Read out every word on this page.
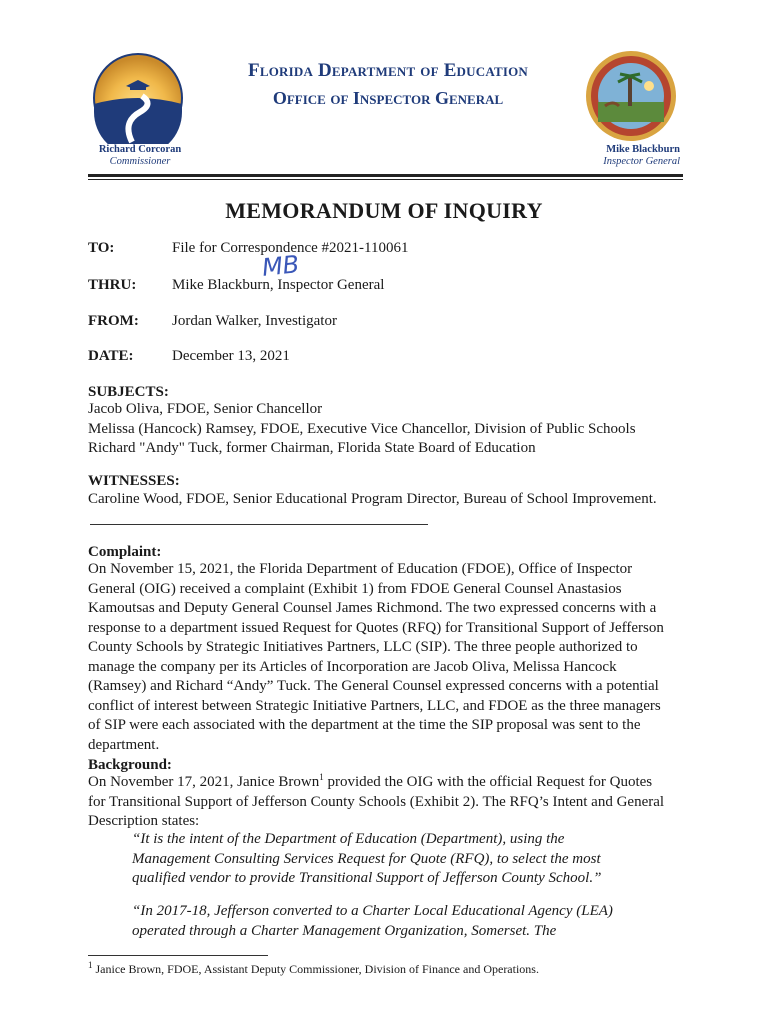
Florida Department of Education
Office of Inspector General
Richard Corcoran
Commissioner
Mike Blackburn
Inspector General
MEMORANDUM OF INQUIRY
TO:	File for Correspondence #2021-110061
THRU: Mike Blackburn, Inspector General
MB
FROM: Jordan Walker, Investigator
DATE:	December 13, 2021
SUBJECTS:
Jacob Oliva, FDOE, Senior Chancellor
Melissa (Hancock) Ramsey, FDOE, Executive Vice Chancellor, Division of Public Schools
Richard "Andy" Tuck, former Chairman, Florida State Board of Education
WITNESSES:
Caroline Wood, FDOE, Senior Educational Program Director, Bureau of School Improvement.
Complaint:
On November 15, 2021, the Florida Department of Education (FDOE), Office of Inspector
General (OIG) received a complaint (Exhibit 1) from FDOE General Counsel Anastasios
Kamoutsas and Deputy General Counsel James Richmond. The two expressed concerns with a
response to a department issued Request for Quotes (RFQ) for Transitional Support of Jefferson
County Schools by Strategic Initiatives Partners, LLC (SIP). The three people authorized to
manage the company per its Articles of Incorporation are Jacob Oliva, Melissa Hancock
(Ramsey) and Richard “Andy” Tuck. The General Counsel expressed concerns with a potential
conflict of interest between Strategic Initiative Partners, LLC, and FDOE as the three managers
of SIP were each associated with the department at the time the SIP proposal was sent to the
department.
Background:
On November 17, 2021, Janice Brown$^1$ provided the OIG with the official Request for Quotes
for Transitional Support of Jefferson County Schools (Exhibit 2). The RFQ’s Intent and General
Description states:
“It is the intent of the Department of Education (Department), using the
Management Consulting Services Request for Quote (RFQ), to select the most
qualified vendor to provide Transitional Support of Jefferson County School.”
“In 2017-18, Jefferson converted to a Charter Local Educational Agency (LEA)
operated through a Charter Management Organization, Somerset. The
$^1$ Janice Brown, FDOE, Assistant Deputy Commissioner, Division of Finance and Operations.
